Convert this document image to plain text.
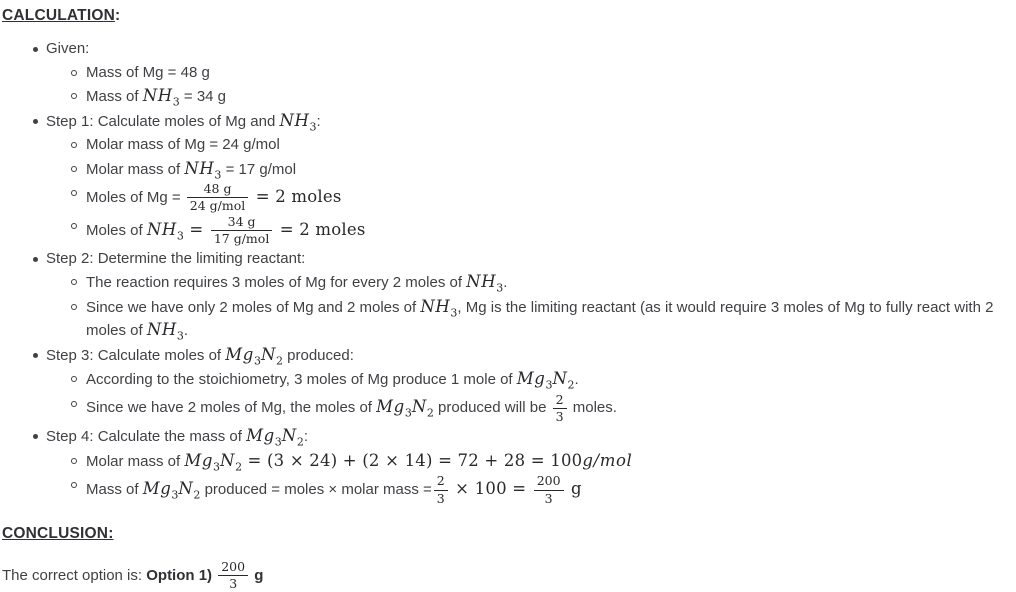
CALCULATION:
Given:
Mass of Mg = 48 g
Mass of $NH_3 = 34$ g
Step 1: Calculate moles of Mg and $NH_3$:
Molar mass of Mg = 24 g/mol
Molar mass of $NH_3 = 17$ g/mol
Moles of $Mg = \frac{48 g}{\text{24 g/mol}} = 2$ moles
Moles of $NH_3 = \frac{34 g}{\text{17 g/mol}} = 2$ moles
Step 2: Determine the limiting reactant:
The reaction requires 3 moles of Mg for every 2 moles of $NH_3$.
Since we have only 2 moles of Mg and 2 moles of $NH_3$, Mg is the limiting reactant (as it would require 3 moles of Mg to fully react with 2 moles of $NH_3$.
Step 3: Calculate moles of $Mg_3N_2$ produced:
According to the stoichiometry, 3 moles of Mg produce 1 mole of $Mg_3N_2$.
Since we have 2 moles of Mg, the moles of $Mg_3N_2$ produced will be $\frac{2}{3}$ moles.
Step 4: Calculate the mass of $Mg_3N_2$:
Molar mass of $Mg_3N_2 = (3 \times 24) + (2 \times 14) = 72 + 28 = 100g/mol$
Mass of $Mg_3N_2$ produced = moles × molar mass = $\frac{2}{3} \times 100 = \frac{200}{3}$ g
CONCLUSION:

The correct option is: Option $1) \frac{200}{3}$ g
